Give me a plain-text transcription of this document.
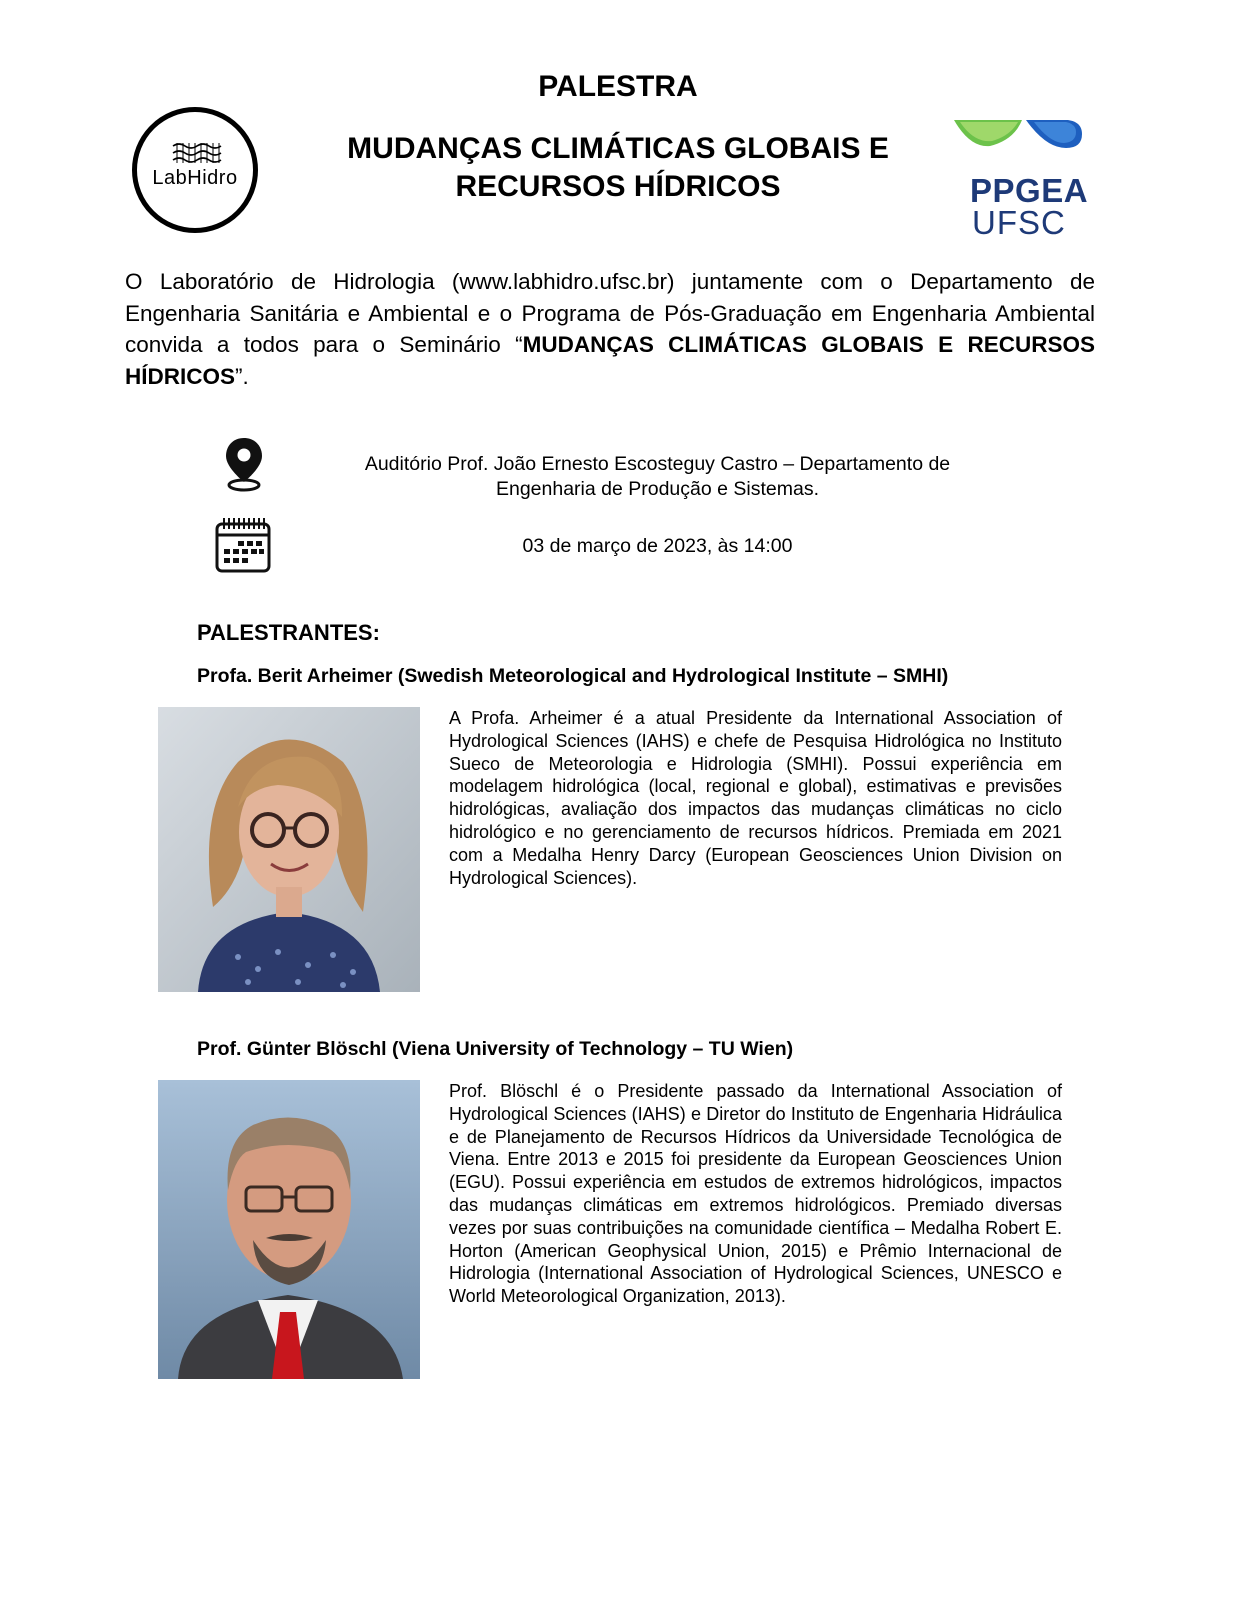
LabHidro
PALESTRA
MUDANÇAS CLIMÁTICAS GLOBAIS E
RECURSOS HÍDRICOS	PPGEA
UFSC
O Laboratório de Hidrologia (www.labhidro.ufsc.br) juntamente com o Departamento de Engenharia Sanitária e Ambiental e o Programa de Pós-Graduação em Engenharia Ambiental convida a todos para o Seminário “MUDANÇAS CLIMÁTICAS GLOBAIS E RECURSOS HÍDRICOS”.
Auditório Prof. João Ernesto Escosteguy Castro – Departamento de
Engenharia de Produção e Sistemas.
03 de março de 2023, às 14:00
PALESTRANTES:
Profa. Berit Arheimer (Swedish Meteorological and Hydrological Institute – SMHI)
A Profa. Arheimer é a atual Presidente da International Association of Hydrological Sciences (IAHS) e chefe de Pesquisa Hidrológica no Instituto Sueco de Meteorologia e Hidrologia (SMHI). Possui experiência em modelagem hidrológica (local, regional e global), estimativas e previsões hidrológicas, avaliação dos impactos das mudanças climáticas no ciclo hidrológico e no gerenciamento de recursos hídricos. Premiada em 2021 com a Medalha Henry Darcy (European Geosciences Union Division on Hydrological Sciences).
Prof. Günter Blöschl (Viena University of Technology – TU Wien)
Prof. Blöschl é o Presidente passado da International Association of Hydrological Sciences (IAHS) e Diretor do Instituto de Engenharia Hidráulica e de Planejamento de Recursos Hídricos da Universidade Tecnológica de Viena. Entre 2013 e 2015 foi presidente da European Geosciences Union (EGU). Possui experiência em estudos de extremos hidrológicos, impactos das mudanças climáticas em extremos hidrológicos. Premiado diversas vezes por suas contribuições na comunidade científica – Medalha Robert E. Horton (American Geophysical Union, 2015) e Prêmio Internacional de Hidrologia (International Association of Hydrological Sciences, UNESCO e World Meteorological Organization, 2013).
